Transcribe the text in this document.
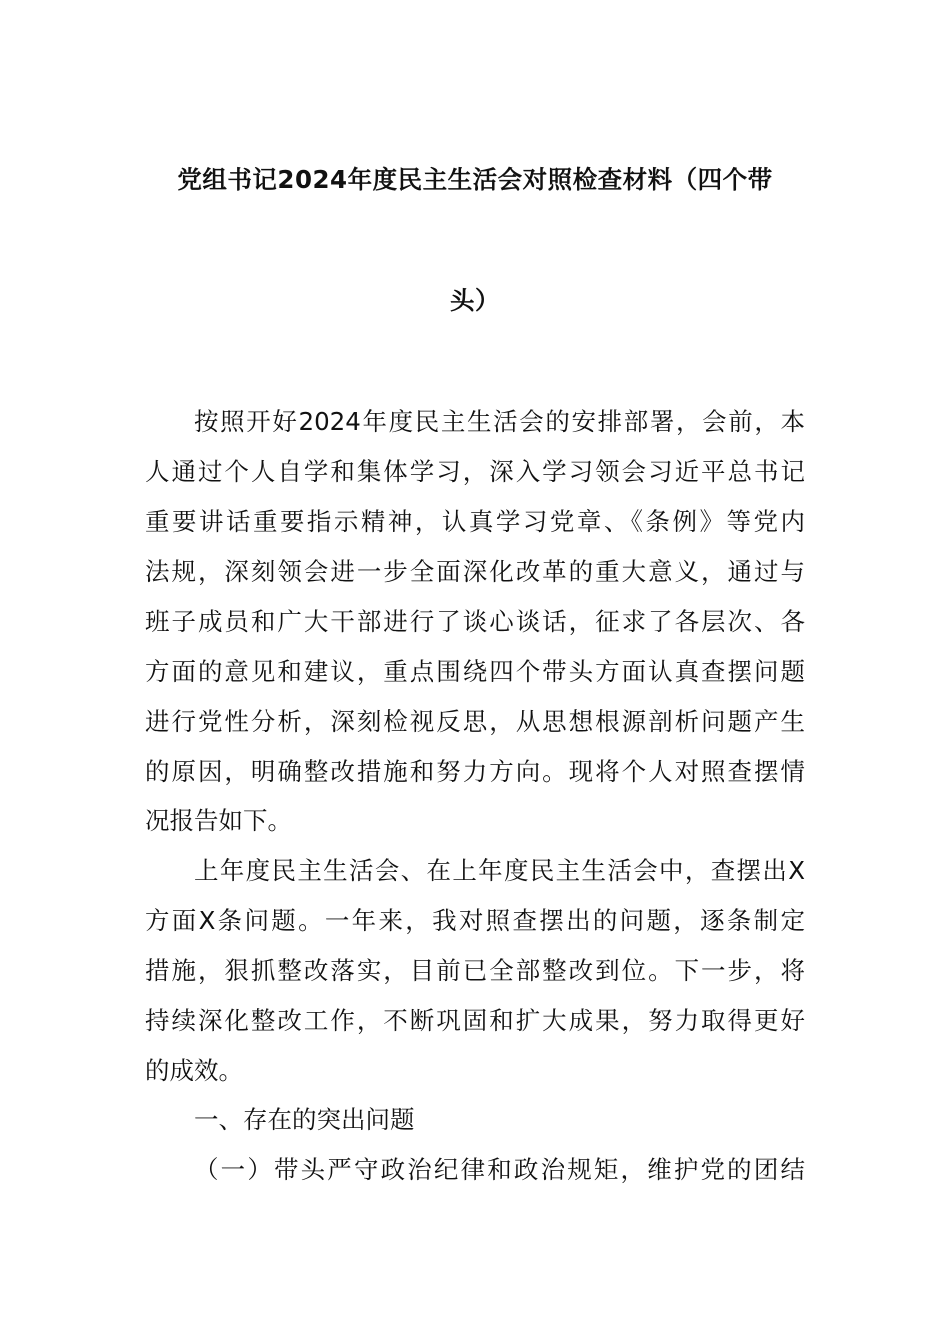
党组书记2024年度民主生活会对照检查材料（四个带
头）

按照开好2024年度民主生活会的安排部署，会前，本

人通过个人自学和集体学习，深入学习领会习近平总书记

重要讲话重要指示精神，认真学习党章、《条例》等党内

法规，深刻领会进一步全面深化改革的重大意义，通过与

班子成员和广大干部进行了谈心谈话，征求了各层次、各

方面的意见和建议，重点围绕四个带头方面认真查摆问题

进行党性分析，深刻检视反思，从思想根源剖析问题产生

的原因，明确整改措施和努力方向。现将个人对照查摆情

况报告如下。

上年度民主生活会、在上年度民主生活会中，查摆出X

方面X条问题。一年来，我对照查摆出的问题，逐条制定

措施，狠抓整改落实，目前已全部整改到位。下一步，将

持续深化整改工作，不断巩固和扩大成果，努力取得更好

的成效。

一、存在的突出问题

（一）带头严守政治纪律和政治规矩，维护党的团结
